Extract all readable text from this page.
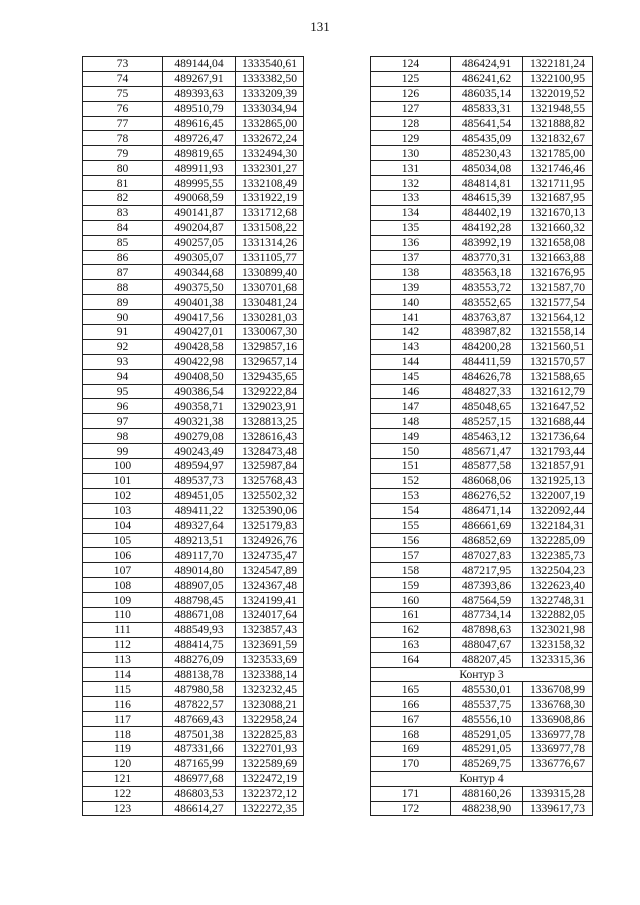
131
73	489144,04	1333540,61
74	489267,91	1333382,50
75	489393,63	1333209,39
76	489510,79	1333034,94
77	489616,45	1332865,00
78	489726,47	1332672,24
79	489819,65	1332494,30
80	489911,93	1332301,27
81	489995,55	1332108,49
82	490068,59	1331922,19
83	490141,87	1331712,68
84	490204,87	1331508,22
85	490257,05	1331314,26
86	490305,07	1331105,77
87	490344,68	1330899,40
88	490375,50	1330701,68
89	490401,38	1330481,24
90	490417,56	1330281,03
91	490427,01	1330067,30
92	490428,58	1329857,16
93	490422,98	1329657,14
94	490408,50	1329435,65
95	490386,54	1329222,84
96	490358,71	1329023,91
97	490321,38	1328813,25
98	490279,08	1328616,43
99	490243,49	1328473,48
100	489594,97	1325987,84
101	489537,73	1325768,43
102	489451,05	1325502,32
103	489411,22	1325390,06
104	489327,64	1325179,83
105	489213,51	1324926,76
106	489117,70	1324735,47
107	489014,80	1324547,89
108	488907,05	1324367,48
109	488798,45	1324199,41
110	488671,08	1324017,64
111	488549,93	1323857,43
112	488414,75	1323691,59
113	488276,09	1323533,69
114	488138,78	1323388,14
115	487980,58	1323232,45
116	487822,57	1323088,21
117	487669,43	1322958,24
118	487501,38	1322825,83
119	487331,66	1322701,93
120	487165,99	1322589,69
121	486977,68	1322472,19
122	486803,53	1322372,12
123	486614,27	1322272,35
124	486424,91	1322181,24
125	486241,62	1322100,95
126	486035,14	1322019,52
127	485833,31	1321948,55
128	485641,54	1321888,82
129	485435,09	1321832,67
130	485230,43	1321785,00
131	485034,08	1321746,46
132	484814,81	1321711,95
133	484615,39	1321687,95
134	484402,19	1321670,13
135	484192,28	1321660,32
136	483992,19	1321658,08
137	483770,31	1321663,88
138	483563,18	1321676,95
139	483553,72	1321587,70
140	483552,65	1321577,54
141	483763,87	1321564,12
142	483987,82	1321558,14
143	484200,28	1321560,51
144	484411,59	1321570,57
145	484626,78	1321588,65
146	484827,33	1321612,79
147	485048,65	1321647,52
148	485257,15	1321688,44
149	485463,12	1321736,64
150	485671,47	1321793,44
151	485877,58	1321857,91
152	486068,06	1321925,13
153	486276,52	1322007,19
154	486471,14	1322092,44
155	486661,69	1322184,31
156	486852,69	1322285,09
157	487027,83	1322385,73
158	487217,95	1322504,23
159	487393,86	1322623,40
160	487564,59	1322748,31
161	487734,14	1322882,05
162	487898,63	1323021,98
163	488047,67	1323158,32
164	488207,45	1323315,36
Контур 3		
165	485530,01	1336708,99
166	485537,75	1336768,30
167	485556,10	1336908,86
168	485291,05	1336977,78
169	485291,05	1336977,78
170	485269,75	1336776,67
Контур 4		
171	488160,26	1339315,28
172	488238,90	1339617,73
